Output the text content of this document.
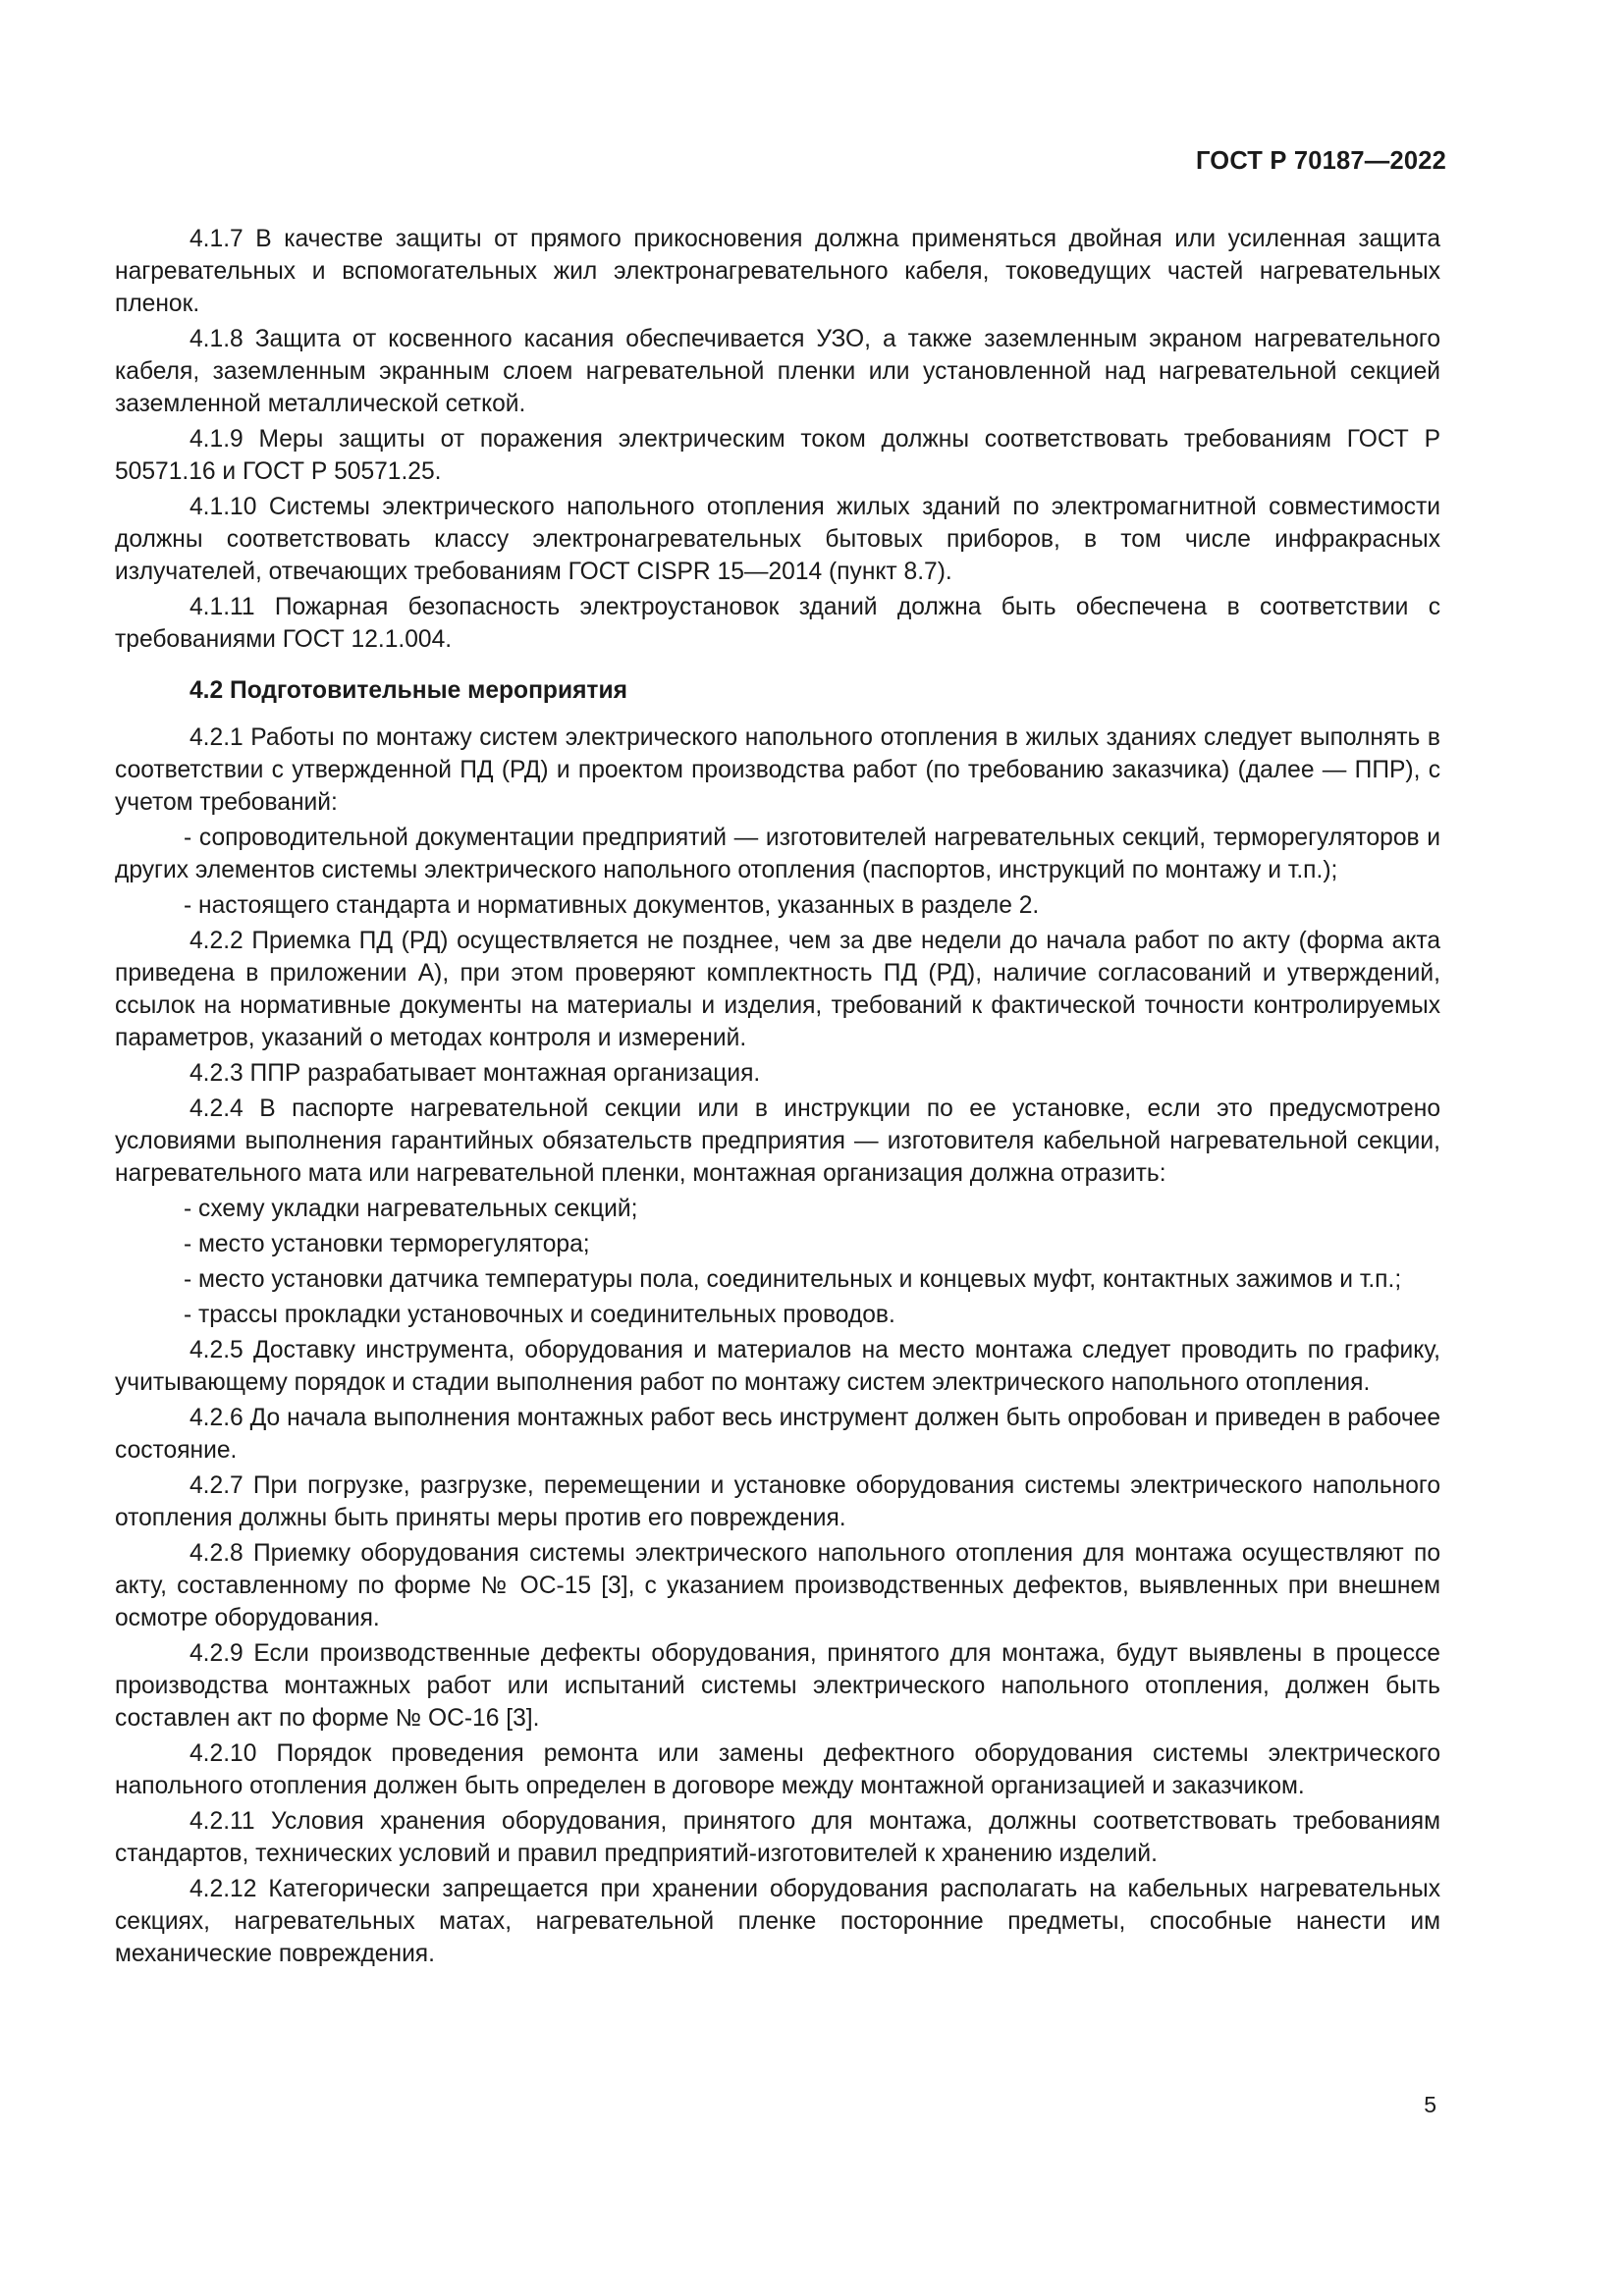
ГОСТ Р 70187—2022

4.1.7 В качестве защиты от прямого прикосновения должна применяться двойная или усиленная защита нагревательных и вспомогательных жил электронагревательного кабеля, токоведущих частей нагревательных пленок.

4.1.8 Защита от косвенного касания обеспечивается УЗО, а также заземленным экраном нагревательного кабеля, заземленным экранным слоем нагревательной пленки или установленной над нагревательной секцией заземленной металлической сеткой.

4.1.9 Меры защиты от поражения электрическим током должны соответствовать требованиям ГОСТ Р 50571.16 и ГОСТ Р 50571.25.

4.1.10 Системы электрического напольного отопления жилых зданий по электромагнитной совместимости должны соответствовать классу электронагревательных бытовых приборов, в том числе инфракрасных излучателей, отвечающих требованиям ГОСТ CISPR 15—2014 (пункт 8.7).

4.1.11 Пожарная безопасность электроустановок зданий должна быть обеспечена в соответствии с требованиями ГОСТ 12.1.004.

4.2 Подготовительные мероприятия

4.2.1 Работы по монтажу систем электрического напольного отопления в жилых зданиях следует выполнять в соответствии с утвержденной ПД (РД) и проектом производства работ (по требованию заказчика) (далее — ППР), с учетом требований:

- сопроводительной документации предприятий — изготовителей нагревательных секций, терморегуляторов и других элементов системы электрического напольного отопления (паспортов, инструкций по монтажу и т.п.);

- настоящего стандарта и нормативных документов, указанных в разделе 2.

4.2.2 Приемка ПД (РД) осуществляется не позднее, чем за две недели до начала работ по акту (форма акта приведена в приложении А), при этом проверяют комплектность ПД (РД), наличие согласований и утверждений, ссылок на нормативные документы на материалы и изделия, требований к фактической точности контролируемых параметров, указаний о методах контроля и измерений.

4.2.3 ППР разрабатывает монтажная организация.

4.2.4 В паспорте нагревательной секции или в инструкции по ее установке, если это предусмотрено условиями выполнения гарантийных обязательств предприятия — изготовителя кабельной нагревательной секции, нагревательного мата или нагревательной пленки, монтажная организация должна отразить:

- схему укладки нагревательных секций;

- место установки терморегулятора;

- место установки датчика температуры пола, соединительных и концевых муфт, контактных зажимов и т.п.;

- трассы прокладки установочных и соединительных проводов.

4.2.5 Доставку инструмента, оборудования и материалов на место монтажа следует проводить по графику, учитывающему порядок и стадии выполнения работ по монтажу систем электрического напольного отопления.

4.2.6 До начала выполнения монтажных работ весь инструмент должен быть опробован и приведен в рабочее состояние.

4.2.7 При погрузке, разгрузке, перемещении и установке оборудования системы электрического напольного отопления должны быть приняты меры против его повреждения.

4.2.8 Приемку оборудования системы электрического напольного отопления для монтажа осуществляют по акту, составленному по форме № ОС-15 [3], с указанием производственных дефектов, выявленных при внешнем осмотре оборудования.

4.2.9 Если производственные дефекты оборудования, принятого для монтажа, будут выявлены в процессе производства монтажных работ или испытаний системы электрического напольного отопления, должен быть составлен акт по форме № ОС-16 [3].

4.2.10 Порядок проведения ремонта или замены дефектного оборудования системы электрического напольного отопления должен быть определен в договоре между монтажной организацией и заказчиком.

4.2.11 Условия хранения оборудования, принятого для монтажа, должны соответствовать требованиям стандартов, технических условий и правил предприятий-изготовителей к хранению изделий.

4.2.12 Категорически запрещается при хранении оборудования располагать на кабельных нагревательных секциях, нагревательных матах, нагревательной пленке посторонние предметы, способные нанести им механические повреждения.

5
